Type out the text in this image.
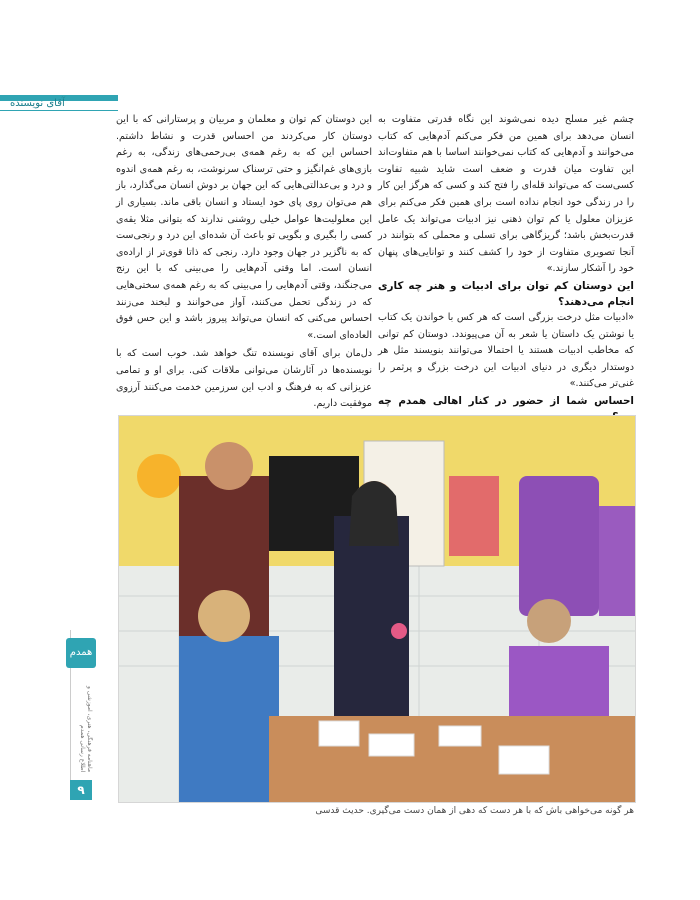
آقای نویسنده

چشم غیر مسلح دیده نمی‌شوند این نگاه قدرتی متفاوت به انسان می‌دهد برای همین من فکر می‌کنم آدم‌هایی که کتاب می‌خوانند و آدم‌هایی که کتاب نمی‌خوانند اساسا با هم متفاوت‌اند این تفاوت میان قدرت و ضعف است شاید شبیه تفاوت کسی‌ست که می‌تواند قله‌ای را فتح کند و کسی که هرگز این کار را در زندگی خود انجام نداده است برای همین فکر می‌کنم برای عزیزان معلول یا کم توان ذهنی نیز ادبیات می‌تواند یک عامل قدرت‌بخش باشد؛ گریزگاهی برای تسلی و محملی که بتوانند در آنجا تصویری متفاوت از خود را کشف کنند و توانایی‌های پنهان خود را آشکار سازند.»

این دوستان کم توان برای ادبیات و هنر چه کاری انجام می‌دهند؟

«ادبیات مثل درخت بزرگی است که هر کس با خواندن یک کتاب یا نوشتن یک داستان یا شعر به آن می‌پیوندد. دوستان کم توانی که مخاطب ادبیات هستند یا احتمالا می‌توانند بنویسند مثل هر دوستدار دیگری در دنیای ادبیات این درخت بزرگ و پرثمر را غنی‌تر می‌کنند.»

احساس شما از حضور در کنار اهالی همدم چه

این دوستان کم توان و معلمان و مربیان و پرستارانی که با این دوستان کار می‌کردند من احساس قدرت و نشاط داشتم. احساس این که به رغم همه‌ی بی‌رحمی‌های زندگی، به رغم بازی‌های غم‌انگیز و حتی ترسناک سرنوشت، به رغم همه‌ی اندوه و درد و بی‌عدالتی‌هایی که این جهان بر دوش انسان می‌گذارد، باز هم می‌توان روی پای خود ایستاد و انسان باقی ماند. بسیاری از این معلولیت‌ها عوامل خیلی روشنی ندارند که بتوانی مثلا یقه‌ی کسی را بگیری و بگویی تو باعث آن شده‌ای این درد و رنجی‌ست که به ناگزیر در جهان وجود دارد. رنجی که ذاتا قوی‌تر از اراده‌ی انسان است. اما وقتی آدم‌هایی را می‌بینی که با این رنج می‌جنگند، وقتی آدم‌هایی را می‌بینی که به رغم همه‌ی سختی‌هایی که در زندگی تحمل می‌کنند، آواز می‌خوانند و لبخند می‌زنند احساس می‌کنی که انسان می‌تواند پیروز باشد و این حس فوق العاده‌ای است.»

دل‌مان برای آقای نویسنده تنگ خواهد شد. خوب است که با نویسنده‌ها در آثارشان می‌توانی ملاقات کنی. برای او و تمامی عزیزانی که به فرهنگ و ادب این سرزمین خدمت می‌کنند آرزوی موفقیت داریم.

هر گونه می‌خواهی باش که با هر دست که دهی از همان دست می‌گیری. حدیث قدسی
همدم
ماهنامه فرهنگی، هنری، آموزشی و اطلاع رسانی همدم
۹
